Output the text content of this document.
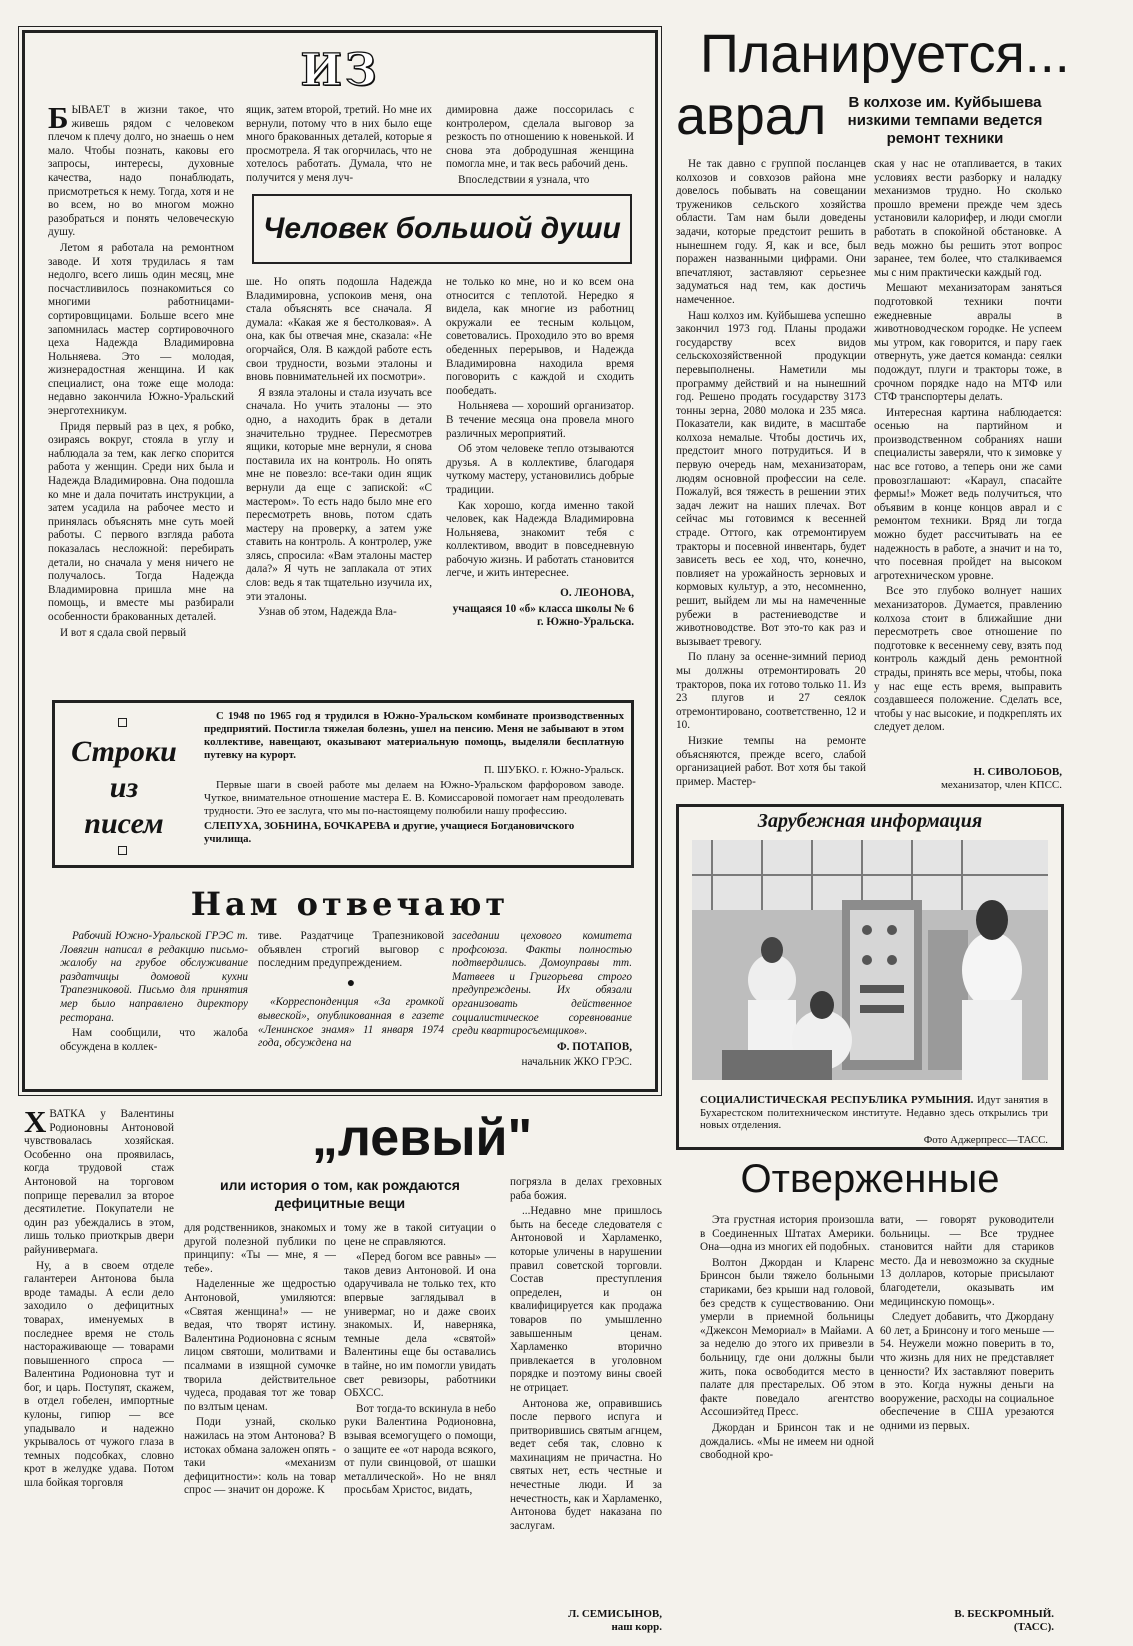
ИЗ

БЫВАЕТ в жизни такое, что живешь рядом с человеком плечом к плечу долго, но знаешь о нем мало. Чтобы познать, каковы его запросы, интересы, духовные качества, надо понаблюдать, присмотреться к нему. Тогда, хотя и не во всем, но во многом можно разобраться и понять человеческую душу.

Летом я работала на ремонтном заводе. И хотя трудилась я там недолго, всего лишь один месяц, мне посчастливилось познакомиться со многими работницами-сортировщицами. Больше всего мне запомнилась мастер сортировочного цеха Надежда Владимировна Нольняева. Это — молодая, жизнерадостная женщина. И как специалист, она тоже еще молода: недавно закончила Южно-Уральский энерготехникум.

Придя первый раз в цех, я робко, озираясь вокруг, стояла в углу и наблюдала за тем, как легко спорится работа у женщин. Среди них была и Надежда Владимировна. Она подошла ко мне и дала почитать инструкции, а затем усадила на рабочее место и принялась объяснять мне суть моей работы. С первого взгляда работа показалась несложной: перебирать детали, но сначала у меня ничего не получалось. Тогда Надежда Владимировна пришла мне на помощь, и вместе мы разбирали особенности бракованных деталей.

И вот я сдала свой первый

ящик, затем второй, третий. Но мне их вернули, потому что в них было еще много бракованных деталей, которые я просмотрела. Я так огорчилась, что не хотелось работать. Думала, что не получится у меня луч-

димировна даже поссорилась с контролером, сделала выговор за резкость по отношению к новенькой. И снова эта добродушная женщина помогла мне, и так весь рабочий день.

Впоследствии я узнала, что

Человек большой души

ше. Но опять подошла Надежда Владимировна, успокоив меня, она стала объяснять все сначала. Я думала: «Какая же я бестолковая». А она, как бы отвечая мне, сказала: «Не огорчайся, Оля. В каждой работе есть свои трудности, возьми эталоны и вновь повнимательней их посмотри».

Я взяла эталоны и стала изучать все сначала. Но учить эталоны — это одно, а находить брак в детали значительно труднее. Пересмотрев ящики, которые мне вернули, я снова поставила их на контроль. Но опять мне не повезло: все-таки один ящик вернули да еще с запиской: «С мастером». То есть надо было мне его пересмотреть вновь, потом сдать мастеру на проверку, а затем уже ставить на контроль. А контролер, уже злясь, спросила: «Вам эталоны мастер дала?» Я чуть не заплакала от этих слов: ведь я так тщательно изучила их, эти эталоны.

Узнав об этом, Надежда Вла-

не только ко мне, но и ко всем она относится с теплотой. Нередко я видела, как многие из работниц окружали ее тесным кольцом, советовались. Проходило это во время обеденных перерывов, и Надежда Владимировна находила время поговорить с каждой и сходить пообедать.

Нольняева — хороший организатор. В течение месяца она провела много различных мероприятий.

Об этом человеке тепло отзываются друзья. А в коллективе, благодаря чуткому мастеру, установились добрые традиции.

Как хорошо, когда именно такой человек, как Надежда Владимировна Нольняева, знакомит тебя с коллективом, вводит в повседневную рабочую жизнь. И работать становится легче, и жить интереснее.

О. ЛЕОНОВА,

учащаяся 10 «б» класса школы № 6 г. Южно-Уральска.

Строки
из
писем

С 1948 по 1965 год я трудился в Южно-Уральском комбинате производственных предприятий. Постигла тяжелая болезнь, ушел на пенсию. Меня не забывают в этом коллективе, навещают, оказывают материальную помощь, выделяли бесплатную путевку на курорт.

П. ШУБКО. г. Южно-Уральск.

Первые шаги в своей работе мы делаем на Южно-Уральском фарфоровом заводе. Чуткое, внимательное отношение мастера Е. В. Комиссаровой помогает нам преодолевать трудности. Это ее заслуга, что мы по-настоящему полюбили нашу профессию.

СЛЕПУХА, ЗОБНИНА, БОЧКАРЕВА и другие, учащиеся Богдановичского училища.

Нам отвечают

Рабочий Южно-Уральской ГРЭС т. Ловягин написал в редакцию письмо-жалобу на грубое обслуживание раздатчицы домовой кухни Трапезниковой. Письмо для принятия мер было направлено директору ресторана.

Нам сообщили, что жалоба обсуждена в коллек-

тиве. Раздатчице Трапезниковой объявлен строгий выговор с последним предупреждением.

●

«Корреспонденция «За громкой вывеской», опубликованная в газете «Ленинское знамя» 11 января 1974 года, обсуждена на

заседании цехового комитета профсоюза. Факты полностью подтвердились. Домоуправы тт. Матвеев и Григорьева строго предупреждены. Их обязали организовать действенное социалистическое соревнование среди квартиросъемщиков».

Ф. ПОТАПОВ,

начальник ЖКО ГРЭС.

Планируется...
аврал	В колхозе им. Куйбышева низкими темпами ведется ремонт техники

Не так давно с группой посланцев колхозов и совхозов района мне довелось побывать на совещании тружеников сельского хозяйства области. Там нам были доведены задачи, которые предстоит решить в нынешнем году. Я, как и все, был поражен названными цифрами. Они впечатляют, заставляют серьезнее задуматься над тем, как достичь намеченное.

Наш колхоз им. Куйбышева успешно закончил 1973 год. Планы продажи государству всех видов сельскохозяйственной продукции перевыполнены. Наметили мы программу действий и на нынешний год. Решено продать государству 3173 тонны зерна, 2080 молока и 235 мяса. Показатели, как видите, в масштабе колхоза немалые. Чтобы достичь их, предстоит много потрудиться. И в первую очередь нам, механизаторам, людям основной профессии на селе. Пожалуй, вся тяжесть в решении этих задач лежит на наших плечах. Вот сейчас мы готовимся к весенней страде. Оттого, как отремонтируем тракторы и посевной инвентарь, будет зависеть весь ее ход, что, конечно, повлияет на урожайность зерновых и кормовых культур, а это, несомненно, решит, выйдем ли мы на намеченные рубежи в растениеводстве и животноводстве. Вот это-то как раз и вызывает тревогу.

По плану за осенне-зимний период мы должны отремонтировать 20 тракторов, пока их готово только 11. Из 23 плугов и 27 сеялок отремонтировано, соответственно, 12 и 10.

Низкие темпы на ремонте объясняются, прежде всего, слабой организацией работ. Вот хотя бы такой пример. Мастер-

ская у нас не отапливается, в таких условиях вести разборку и наладку механизмов трудно. Но сколько прошло времени прежде чем здесь установили калорифер, и люди смогли работать в спокойной обстановке. А ведь можно бы решить этот вопрос заранее, тем более, что сталкиваемся мы с ним практически каждый год.

Мешают механизаторам заняться подготовкой техники почти ежедневные авралы в животноводческом городке. Не успеем мы утром, как говорится, и пару гаек отвернуть, уже дается команда: сеялки подождут, плуги и тракторы тоже, в срочном порядке надо на МТФ или СТФ транспортеры делать.

Интересная картина наблюдается: осенью на партийном и производственном собраниях наши специалисты заверяли, что к зимовке у нас все готово, а теперь они же сами провозглашают: «Караул, спасайте фермы!» Может ведь получиться, что объявим в конце концов аврал и с ремонтом техники. Вряд ли тогда можно будет рассчитывать на ее надежность в работе, а значит и на то, что посевная пройдет на высоком агротехническом уровне.

Все это глубоко волнует наших механизаторов. Думается, правлению колхоза стоит в ближайшие дни пересмотреть свое отношение по подготовке к весеннему севу, взять под контроль каждый день ремонтной страды, принять все меры, чтобы, пока у нас еще есть время, выправить создавшееся положение. Сделать все, чтобы у нас высокие, и подкреплять их следует делом.

Н. СИВОЛОБОВ,
механизатор, член КПСС.
Зарубежная информация

СОЦИАЛИСТИЧЕСКАЯ РЕСПУБЛИКА РУМЫНИЯ. Идут занятия в Бухарестском политехническом институте. Недавно здесь открылись три новых отделения.

Фото Аджерпресс—ТАСС.

Отверженные

Эта грустная история произошла в Соединенных Штатах Америки. Она—одна из многих ей подобных.

Волтон Джордан и Кларенс Бринсон были тяжело больными стариками, без крыши над головой, без средств к существованию. Они умерли в приемной больницы «Джексон Мемориал» в Майами. А за неделю до этого их привезли в больницу, где они должны были жить, пока освободится место в палате для престарелых. Об этом факте поведало агентство Ассошиэйтед Пресс.

Джордан и Бринсон так и не дождались. «Мы не имеем ни одной свободной кро-

вати, — говорят руководители больницы. — Все труднее становится найти для стариков место. Да и невозможно за скудные 13 долларов, которые присылают благодетели, оказывать им медицинскую помощь».

Следует добавить, что Джордану 60 лет, а Бринсону и того меньше — 54. Неужели можно поверить в то, что жизнь для них не представляет ценности? Их заставляют поверить в это. Когда нужны деньги на вооружение, расходы на социальное обеспечение в США урезаются одними из первых.

В. БЕСКРОМНЫЙ.
(ТАСС).

ХВАТКА у Валентины Родионовны Антоновой чувствовалась хозяйская. Особенно она проявилась, когда трудовой стаж Антоновой на торговом поприще перевалил за второе десятилетие. Покупатели не один раз убеждались в этом, лишь только приоткрыв двери райунивермага.

Ну, а в своем отделе галантереи Антонова была вроде тамады. А если дело заходило о дефицитных товарах, именуемых в последнее время не столь настораживающе — товарами повышенного спроса — Валентина Родионовна тут и бог, и царь. Поступят, скажем, в отдел гобелен, импортные кулоны, гипюр — все упадывало и надежно укрывалось от чужого глаза в темных подсобках, словно крот в желудке удава. Потом шла бойкая торговля

„левый"
или история о том, как рождаются дефицитные вещи

для родственников, знакомых и другой полезной публики по принципу: «Ты — мне, я — тебе».

Наделенные же щедростью Антоновой, умиляются: «Святая женщина!» — не ведая, что творят истину. Валентина Родионовна с ясным лицом святоши, молитвами и псалмами в изящной сумочке творила действительное чудеса, продавая тот же товар по взлтым ценам.

Поди узнай, сколько нажилась на этом Антонова? В истоках обмана заложен опять - таки «механизм дефицитности»: коль на товар спрос — значит он дороже. К

тому же в такой ситуации о цене не справляются.

«Перед богом все равны» — таков девиз Антоновой. И она одаручивала не только тех, кто впервые заглядывал в универмаг, но и даже своих знакомых. И, наверняка, темные дела «святой» Валентины еще бы оставались в тайне, но им помогли увидать свет ревизоры, работники ОБХСС.

Вот тогда-то вскинула в небо руки Валентина Родионовна, взывая всемогущего о помощи, о защите ее «от народа всякого, от пули свинцовой, от шашки металлической». Но не внял просьбам Христос, видать,

погрязла в делах греховных раба божия.

...Недавно мне пришлось быть на беседе следователя с Антоновой и Харламенко, которые уличены в нарушении правил советской торговли. Состав преступления определен, и он квалифицируется как продажа товаров по умышленно завышенным ценам. Харламенко вторично привлекается в уголовном порядке и поэтому вины своей не отрицает.

Антонова же, оправившись после первого испуга и притворившись святым агнцем, ведет себя так, словно к махинациям не причастна. Но святых нет, есть честные и нечестные люди. И за нечестность, как и Харламенко, Антонова будет наказана по заслугам.

Л. СЕМИСЫНОВ,
наш корр.
